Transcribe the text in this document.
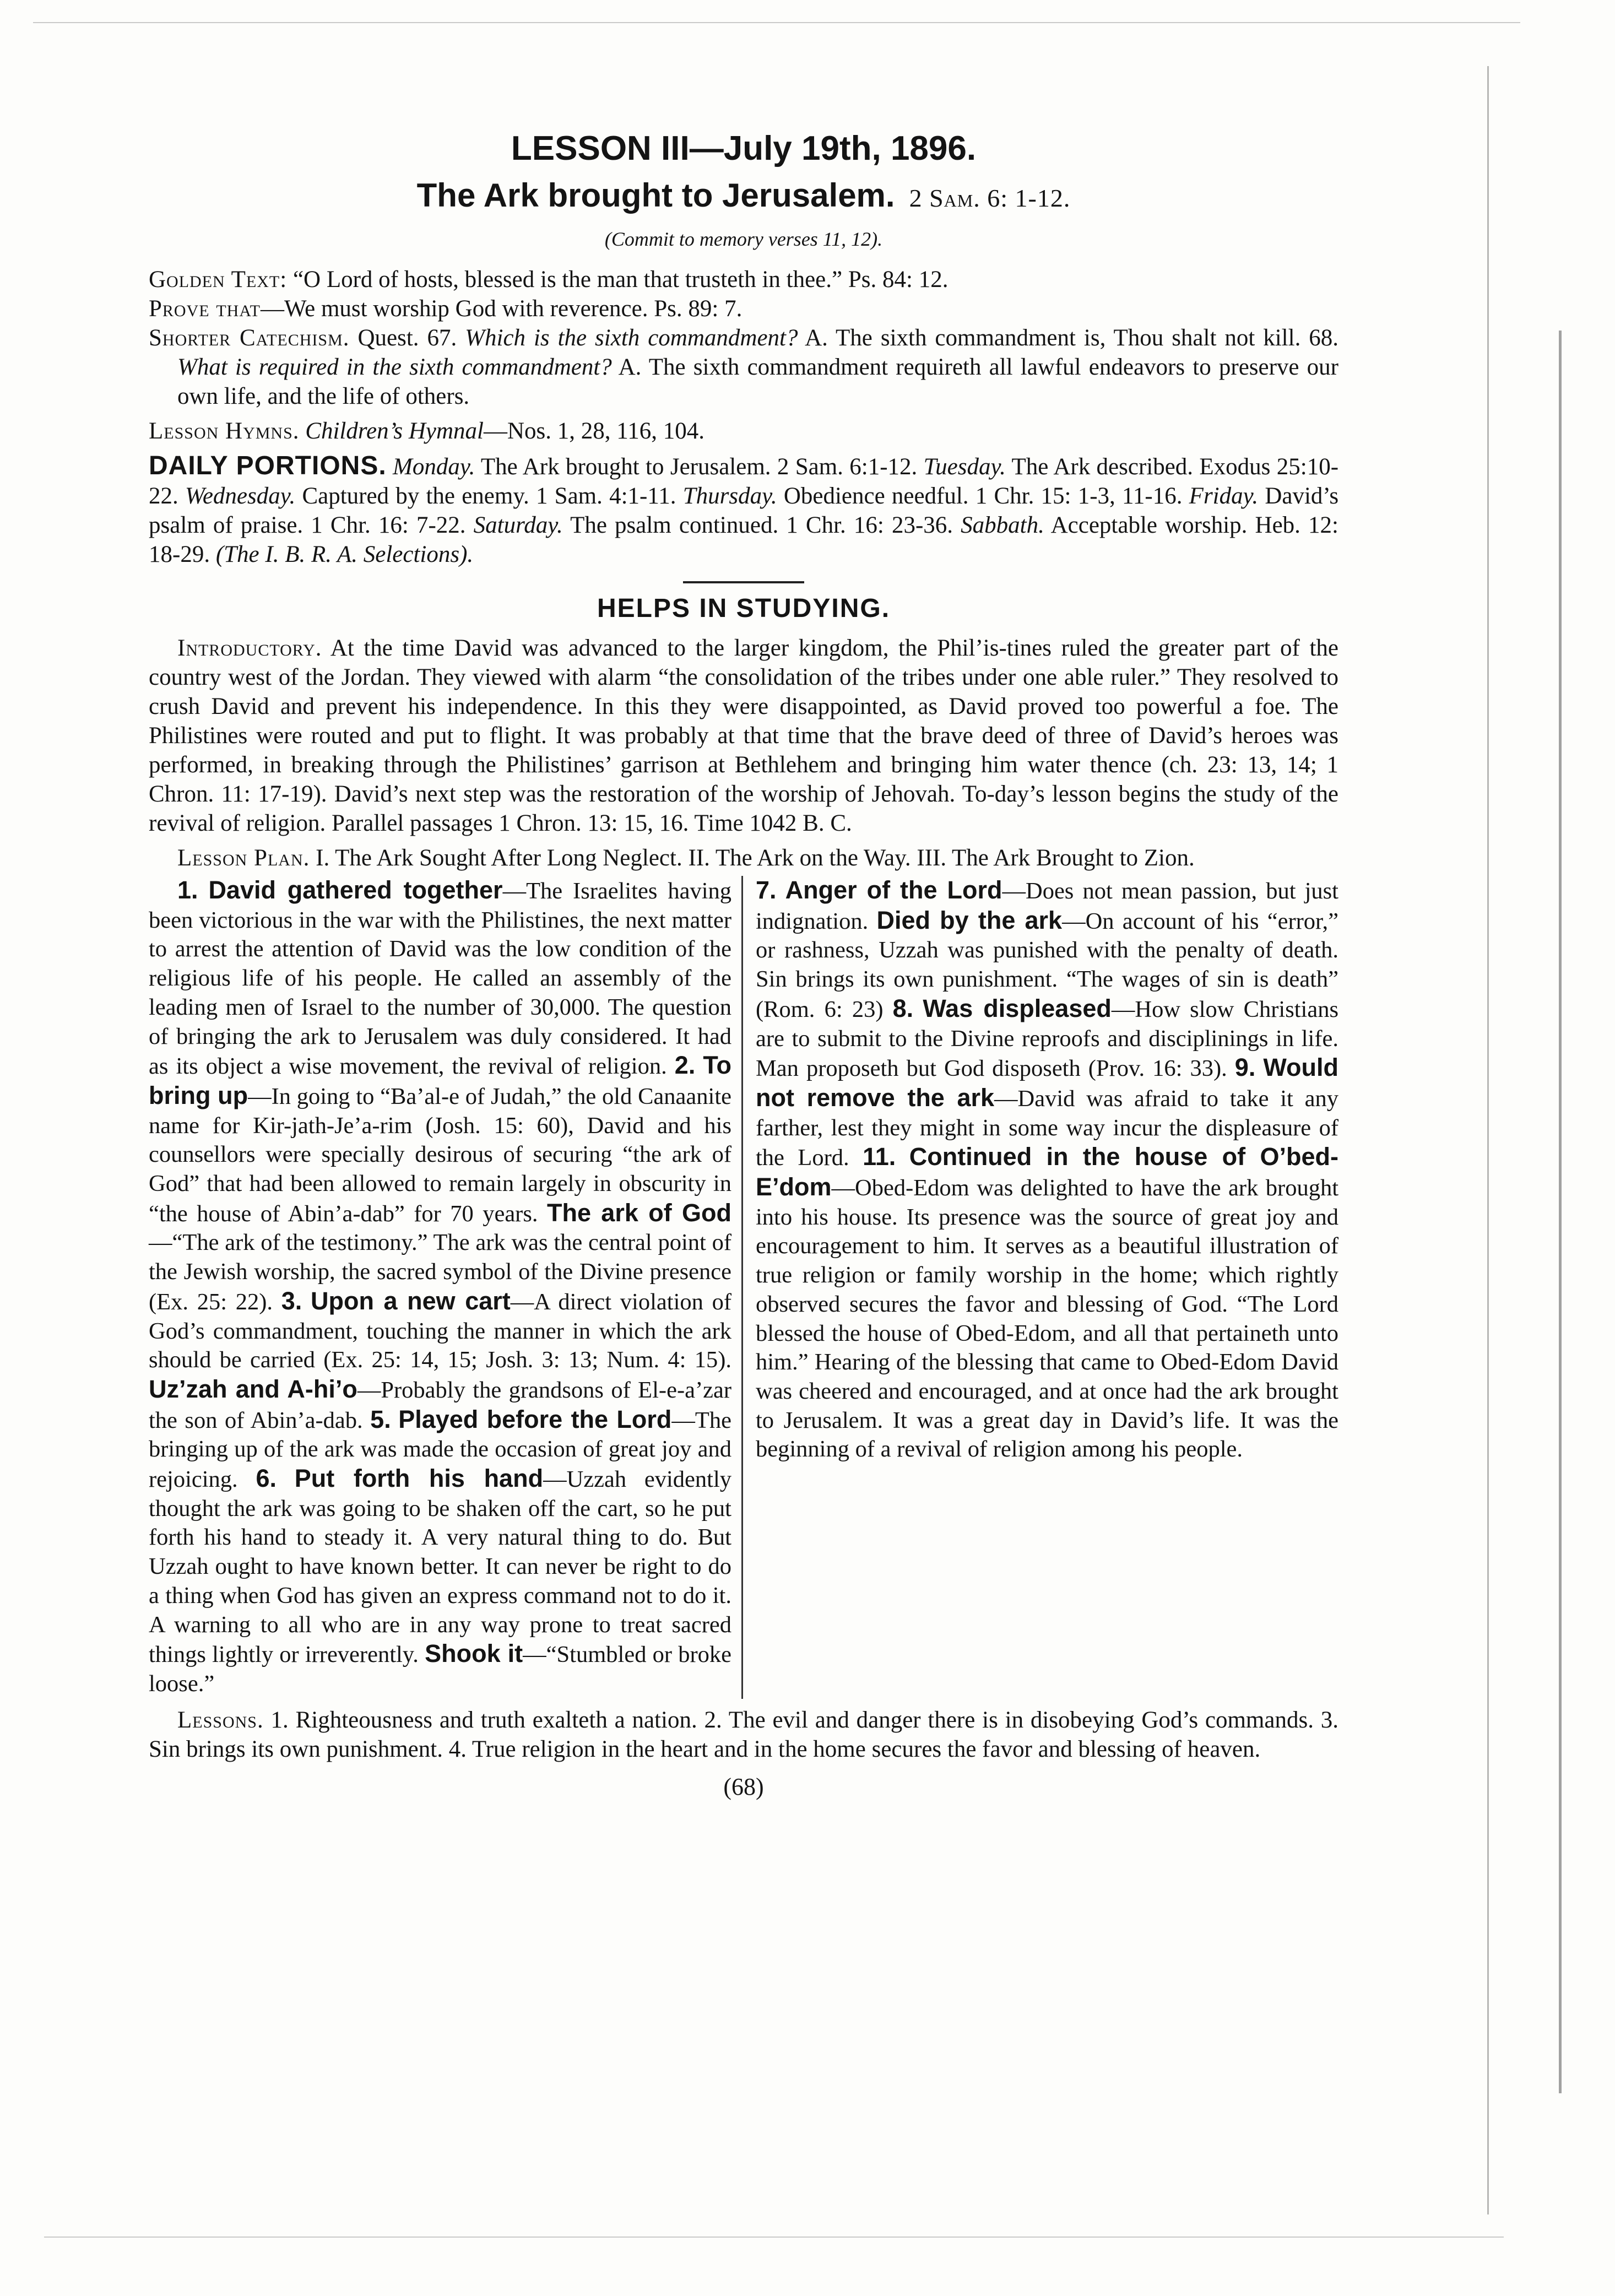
LESSON III—July 19th, 1896.
The Ark brought to Jerusalem. 2 Sam. 6: 1-12.

(Commit to memory verses 11, 12).

Golden Text: “O Lord of hosts, blessed is the man that trusteth in thee.” Ps. 84: 12.
Prove that—We must worship God with reverence. Ps. 89: 7.
Shorter Catechism. Quest. 67. Which is the sixth commandment? A. The sixth commandment is, Thou shalt not kill. 68. What is required in the sixth commandment? A. The sixth commandment requireth all lawful endeavors to preserve our own life, and the life of others.
Lesson Hymns. Children’s Hymnal—Nos. 1, 28, 116, 104.
DAILY PORTIONS. Monday. The Ark brought to Jerusalem. 2 Sam. 6:1-12. Tuesday. The Ark described. Exodus 25:10-22. Wednesday. Captured by the enemy. 1 Sam. 4:1-11. Thursday. Obedience needful. 1 Chr. 15: 1-3, 11-16. Friday. David’s psalm of praise. 1 Chr. 16: 7-22. Saturday. The psalm continued. 1 Chr. 16: 23-36. Sabbath. Acceptable worship. Heb. 12: 18-29. (The I. B. R. A. Selections).
HELPS IN STUDYING.

Introductory. At the time David was advanced to the larger kingdom, the Phil’is-tines ruled the greater part of the country west of the Jordan. They viewed with alarm “the consolidation of the tribes under one able ruler.” They resolved to crush David and prevent his independence. In this they were disappointed, as David proved too powerful a foe. The Philistines were routed and put to flight. It was probably at that time that the brave deed of three of David’s heroes was performed, in breaking through the Philistines’ garrison at Bethlehem and bringing him water thence (ch. 23: 13, 14; 1 Chron. 11: 17-19). David’s next step was the restoration of the worship of Jehovah. To-day’s lesson begins the study of the revival of religion. Parallel passages 1 Chron. 13: 15, 16. Time 1042 B. C.

Lesson Plan. I. The Ark Sought After Long Neglect. II. The Ark on the Way. III. The Ark Brought to Zion.

1. David gathered together—The Israelites having been victorious in the war with the Philistines, the next matter to arrest the attention of David was the low condition of the religious life of his people. He called an assembly of the leading men of Israel to the number of 30,000. The question of bringing the ark to Jerusalem was duly considered. It had as its object a wise movement, the revival of religion. 2. To bring up—In going to “Ba’al-e of Judah,” the old Canaanite name for Kir-jath-Je’a-rim (Josh. 15: 60), David and his counsellors were specially desirous of securing “the ark of God” that had been allowed to remain largely in obscurity in “the house of Abin’a-dab” for 70 years. The ark of God—“The ark of the testimony.” The ark was the central point of the Jewish worship, the sacred symbol of the Divine presence (Ex. 25: 22). 3. Upon a new cart—A direct violation of God’s commandment, touching the manner in which the ark should be carried (Ex. 25: 14, 15; Josh. 3: 13; Num. 4: 15). Uz’zah and A-hi’o—Probably the grandsons of El-e-a’zar the son of Abin’a-dab. 5. Played before the Lord—The bringing up of the ark was made the occasion of great joy and rejoicing. 6. Put forth his hand—Uzzah evidently thought the ark was going to be shaken off the cart, so he put forth his hand to steady it. A very natural thing to do. But Uzzah ought to have known better. It can never be right to do a thing when God has given an express command not to do it. A warning to all who are in any way prone to treat sacred things lightly or irreverently. Shook it—“Stumbled or broke loose.”
7. Anger of the Lord—Does not mean passion, but just indignation. Died by the ark—On account of his “error,” or rashness, Uzzah was punished with the penalty of death. Sin brings its own punishment. “The wages of sin is death” (Rom. 6: 23) 8. Was displeased—How slow Christians are to submit to the Divine reproofs and disciplinings in life. Man proposeth but God disposeth (Prov. 16: 33). 9. Would not remove the ark—David was afraid to take it any farther, lest they might in some way incur the displeasure of the Lord. 11. Continued in the house of O’bed-E’dom—Obed-Edom was delighted to have the ark brought into his house. Its presence was the source of great joy and encouragement to him. It serves as a beautiful illustration of true religion or family worship in the home; which rightly observed secures the favor and blessing of God. “The Lord blessed the house of Obed-Edom, and all that pertaineth unto him.” Hearing of the blessing that came to Obed-Edom David was cheered and encouraged, and at once had the ark brought to Jerusalem. It was a great day in David’s life. It was the beginning of a revival of religion among his people.

Lessons. 1. Righteousness and truth exalteth a nation. 2. The evil and danger there is in disobeying God’s commands. 3. Sin brings its own punishment. 4. True religion in the heart and in the home secures the favor and blessing of heaven.

(68)
